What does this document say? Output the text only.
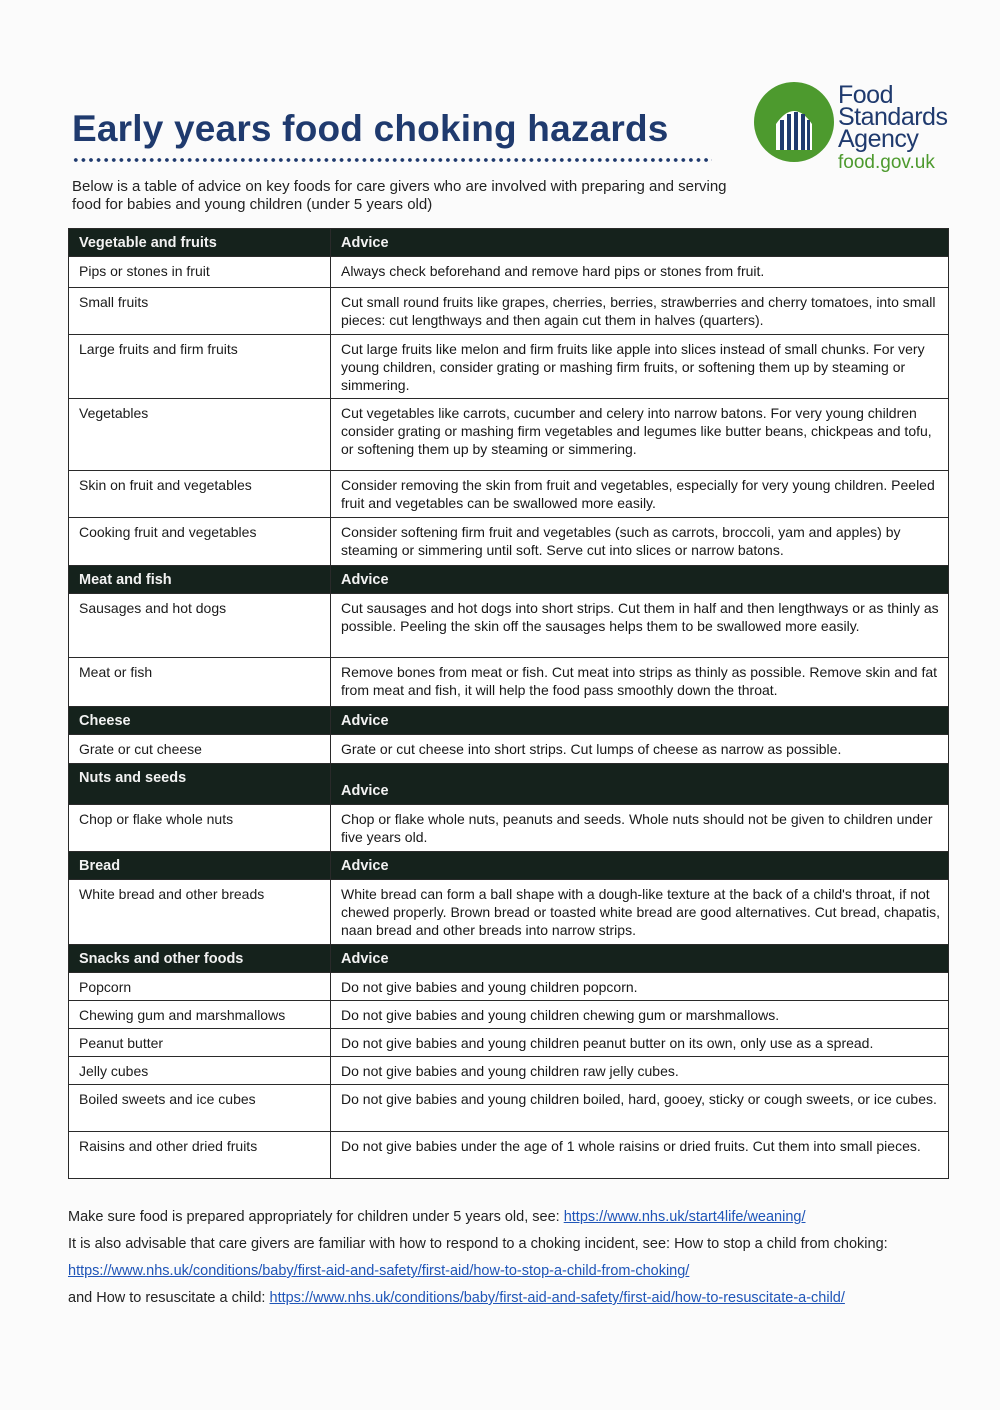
Early years food choking hazards

Below is a table of advice on key foods for care givers who are involved with preparing and serving food for babies and young children (under 5 years old)

Food
Standards
Agency
food.gov.uk
Vegetable and fruits	Advice
Pips or stones in fruit	Always check beforehand and remove hard pips or stones from fruit.
Small fruits	Cut small round fruits like grapes, cherries, berries, strawberries and cherry tomatoes, into small pieces: cut lengthways and then again cut them in halves (quarters).
Large fruits and firm fruits	Cut large fruits like melon and firm fruits like apple into slices instead of small chunks. For very young children, consider grating or mashing firm fruits, or softening them up by steaming or simmering.
Vegetables	Cut vegetables like carrots, cucumber and celery into narrow batons. For very young children consider grating or mashing firm vegetables and legumes like butter beans, chickpeas and tofu, or softening them up by steaming or simmering.
Skin on fruit and vegetables	Consider removing the skin from fruit and vegetables, especially for very young children. Peeled fruit and vegetables can be swallowed more easily.
Cooking fruit and vegetables	Consider softening firm fruit and vegetables (such as carrots, broccoli, yam and apples) by steaming or simmering until soft. Serve cut into slices or narrow batons.
Meat and fish	Advice
Sausages and hot dogs	Cut sausages and hot dogs into short strips. Cut them in half and then lengthways or as thinly as possible. Peeling the skin off the sausages helps them to be swallowed more easily.
Meat or fish	Remove bones from meat or fish. Cut meat into strips as thinly as possible. Remove skin and fat from meat and fish, it will help the food pass smoothly down the throat.
Cheese	Advice
Grate or cut cheese	Grate or cut cheese into short strips. Cut lumps of cheese as narrow as possible.
Nuts and seeds	Advice
Chop or flake whole nuts	Chop or flake whole nuts, peanuts and seeds. Whole nuts should not be given to children under five years old.
Bread	Advice
White bread and other breads	White bread can form a ball shape with a dough-like texture at the back of a child's throat, if not chewed properly. Brown bread or toasted white bread are good alternatives. Cut bread, chapatis, naan bread and other breads into narrow strips.
Snacks and other foods	Advice
Popcorn	Do not give babies and young children popcorn.
Chewing gum and marshmallows	Do not give babies and young children chewing gum or marshmallows.
Peanut butter	Do not give babies and young children peanut butter on its own, only use as a spread.
Jelly cubes	Do not give babies and young children raw jelly cubes.
Boiled sweets and ice cubes	Do not give babies and young children boiled, hard, gooey, sticky or cough sweets, or ice cubes.
Raisins and other dried fruits	Do not give babies under the age of 1 whole raisins or dried fruits. Cut them into small pieces.

Make sure food is prepared appropriately for children under 5 years old, see: https://www.nhs.uk/start4life/weaning/

It is also advisable that care givers are familiar with how to respond to a choking incident, see: How to stop a child from choking: https://www.nhs.uk/conditions/baby/first-aid-and-safety/first-aid/how-to-stop-a-child-from-choking/

and How to resuscitate a child: https://www.nhs.uk/conditions/baby/first-aid-and-safety/first-aid/how-to-resuscitate-a-child/
